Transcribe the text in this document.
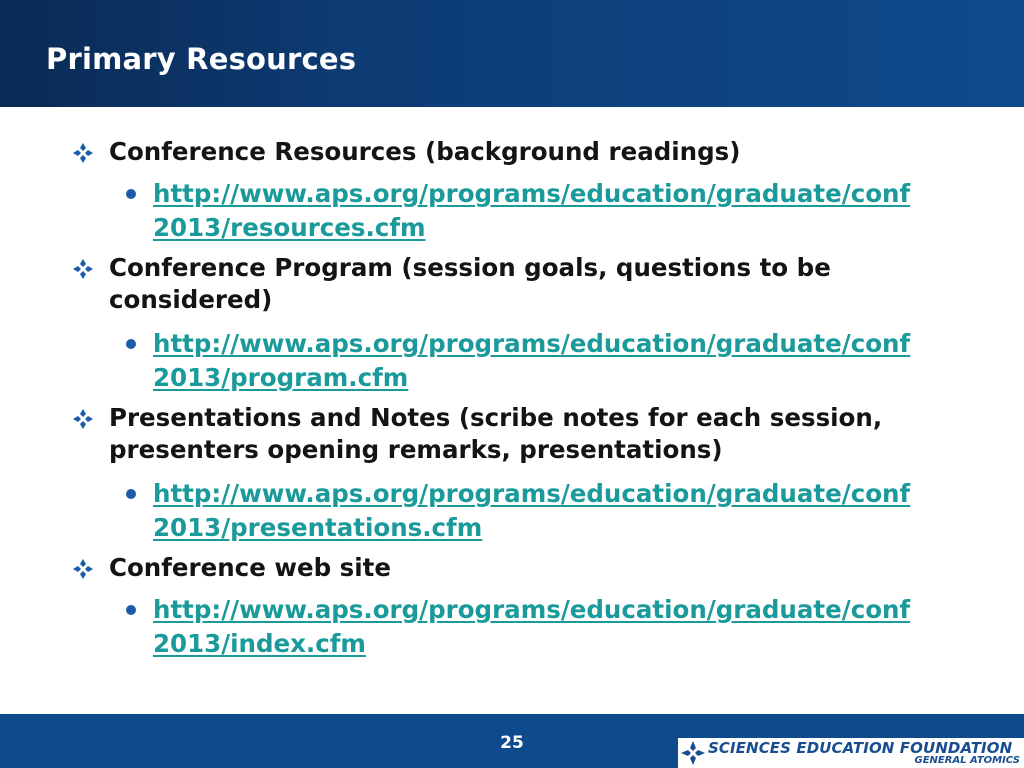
Primary Resources
Conference Resources (background readings)
http://www.aps.org/programs/education/graduate/conf2013/resources.cfm
Conference Program (session goals, questions to be considered)
http://www.aps.org/programs/education/graduate/conf2013/program.cfm
Presentations and Notes (scribe notes for each session, presenters opening remarks, presentations)
http://www.aps.org/programs/education/graduate/conf2013/presentations.cfm
Conference web site
http://www.aps.org/programs/education/graduate/conf2013/index.cfm
25	SCIENCES EDUCATION FOUNDATION
GENERAL ATOMICS
